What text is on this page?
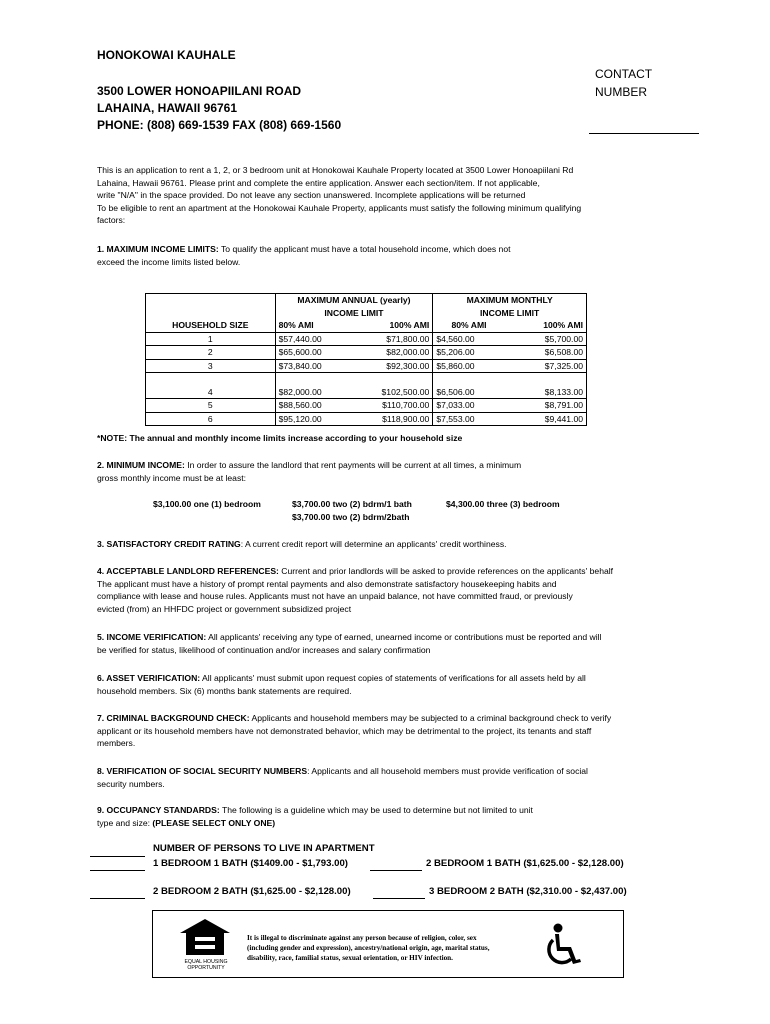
HONOKOWAI KAUHALE
3500 LOWER HONOAPIILANI ROAD
LAHAINA, HAWAII 96761
PHONE: (808) 669-1539 FAX (808) 669-1560
CONTACT
NUMBER
This is an application to rent a 1, 2, or 3 bedroom unit at Honokowai Kauhale Property located at 3500 Lower Honoapiilani Rd
Lahaina, Hawaii 96761. Please print and complete the entire application. Answer each section/item. If not applicable,
write "N/A" in the space provided. Do not leave any section unanswered. Incomplete applications will be returned
To be eligible to rent an apartment at the Honokowai Kauhale Property, applicants must satisfy the following minimum qualifying
factors:
1. MAXIMUM INCOME LIMITS: To qualify the applicant must have a total household income, which does not
exceed the income limits listed below.
	MAXIMUM ANNUAL (yearly)		MAXIMUM MONTHLY	
	INCOME LIMIT		INCOME LIMIT	
HOUSEHOLD SIZE	80% AMI	100% AMI	80% AMI	100% AMI
1	$57,440.00	$71,800.00	$4,560.00	$5,700.00
2	$65,600.00	$82,000.00	$5,206.00	$6,508.00
3	$73,840.00	$92,300.00	$5,860.00	$7,325.00

4	$82,000.00	$102,500.00	$6,506.00	$8,133.00
5	$88,560.00	$110,700.00	$7,033.00	$8,791.00
6	$95,120.00	$118,900.00	$7,553.00	$9,441.00
*NOTE: The annual and monthly income limits increase according to your household size
2. MINIMUM INCOME: In order to assure the landlord that rent payments will be current at all times, a minimum
gross monthly income must be at least:
$3,100.00 one (1) bedroom	$3,700.00 two (2) bdrm/1 bath
$3,700.00 two (2) bdrm/2bath
$4,300.00 three (3) bedroom
3. SATISFACTORY CREDIT RATING: A current credit report will determine an applicants' credit worthiness.
4. ACCEPTABLE LANDLORD REFERENCES: Current and prior landlords will be asked to provide references on the applicants' behalf
The applicant must have a history of prompt rental payments and also demonstrate satisfactory housekeeping habits and
compliance with lease and house rules. Applicants must not have an unpaid balance, not have committed fraud, or previously
evicted (from) an HHFDC project or government subsidized project
5. INCOME VERIFICATION: All applicants' receiving any type of earned, unearned income or contributions must be reported and will
be verified for status, likelihood of continuation and/or increases and salary confirmation
6. ASSET VERIFICATION: All applicants' must submit upon request copies of statements of verifications for all assets held by all
household members. Six (6) months bank statements are required.
7. CRIMINAL BACKGROUND CHECK: Applicants and household members may be subjected to a criminal background check to verify
applicant or its household members have not demonstrated behavior, which may be detrimental to the project, its tenants and staff
members.
8. VERIFICATION OF SOCIAL SECURITY NUMBERS: Applicants and all household members must provide verification of social
security numbers.
9. OCCUPANCY STANDARDS: The following is a guideline which may be used to determine but not limited to unit
type and size: (PLEASE SELECT ONLY ONE)
NUMBER OF PERSONS TO LIVE IN APARTMENT
1 BEDROOM 1 BATH ($1409.00 - $1,793.00)	2 BEDROOM 1 BATH ($1,625.00 - $2,128.00)
2 BEDROOM 2 BATH ($1,625.00 - $2,128.00)	3 BEDROOM 2 BATH ($2,310.00 - $2,437.00)
EQUAL HOUSING
OPPORTUNITY
It is illegal to discriminate against any person because of religion, color, sex
(including gender and expression), ancestry/national origin, age, marital status,
disability, race, familial status, sexual orientation, or HIV infection.
